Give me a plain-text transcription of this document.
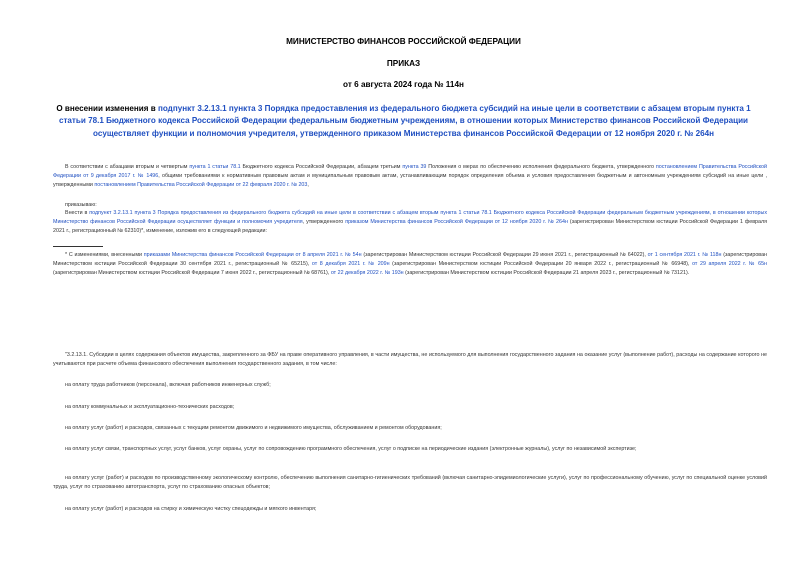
МИНИСТЕРСТВО ФИНАНСОВ РОССИЙСКОЙ ФЕДЕРАЦИИ
ПРИКАЗ
от 6 августа 2024 года № 114н
О внесении изменения в подпункт 3.2.13.1 пункта 3 Порядка предоставления из федерального бюджета субсидий на иные цели в соответствии с абзацем вторым пункта 1 статьи 78.1 Бюджетного кодекса Российской Федерации федеральным бюджетным учреждениям, в отношении которых Министерство финансов Российской Федерации осуществляет функции и полномочия учредителя, утвержденного приказом Министерства финансов Российской Федерации от 12 ноября 2020 г. № 264н
В соответствии с абзацами вторым и четвертым пункта 1 статьи 78.1 Бюджетного кодекса Российской Федерации, абзацем третьим пункта 39 Положения о мерах по обеспечению исполнения федерального бюджета, утвержденного постановлением Правительства Российской Федерации от 9 декабря 2017 г. № 1496, общими требованиями к нормативным правовым актам и муниципальным правовым актам, устанавливающим порядок определения объема и условия предоставления бюджетным и автономным учреждениям субсидий на иные цели , утвержденными постановлением Правительства Российской Федерации от 22 февраля 2020 г. № 203,
приказываю:
Внести в подпункт 3.2.13.1 пункта 3 Порядка предоставления из федерального бюджета субсидий на иные цели в соответствии с абзацем вторым пункта 1 статьи 78.1 Бюджетного кодекса Российской Федерации федеральным бюджетным учреждениям, в отношении которых Министерство финансов Российской Федерации осуществляет функции и полномочия учредителя, утвержденного приказом Министерства финансов Российской Федерации от 12 ноября 2020 г. № 264н (зарегистрирован Министерством юстиции Российской Федерации 1 февраля 2021 г., регистрационный № 62310)*, изменение, изложив его в следующей редакции:
* С изменениями, внесенными приказами Министерства финансов Российской Федерации от 8 апреля 2021 г. № 54н (зарегистрирован Министерством юстиции Российской Федерации 29 июня 2021 г., регистрационный № 64022), от 1 сентября 2021 г. № 118н (зарегистрирован Министерством юстиции Российской Федерации 30 сентября 2021 г., регистрационный № 65215), от 8 декабря 2021 г. № 209н (зарегистрирован Министерством юстиции Российской Федерации 20 января 2022 г., регистрационный № 66948), от 29 апреля 2022 г. № 65н (зарегистрирован Министерством юстиции Российской Федерации 7 июня 2022 г., регистрационный № 68761), от 22 декабря 2022 г. № 193н (зарегистрирован Министерством юстиции Российской Федерации 21 апреля 2023 г., регистрационный № 73121).
"3.2.13.1. Субсидии в целях содержания объектов имущества, закрепленного за ФБУ на праве оперативного управления, в части имущества, не используемого для выполнения государственного задания на оказание услуг (выполнение работ), расходы на содержание которого не учитываются при расчете объема финансового обеспечения выполнения государственного задания, в том числе:
на оплату труда работников (персонала), включая работников инженерных служб;
на оплату коммунальных и эксплуатационно-технических расходов;
на оплату услуг (работ) и расходов, связанных с текущим ремонтом движимого и недвижимого имущества, обслуживанием и ремонтом оборудования;
на оплату услуг связи, транспортных услуг, услуг банков, услуг охраны, услуг по сопровождению программного обеспечения, услуг о подписке на периодические издания (электронные журналы), услуг по независимой экспертизе;
на оплату услуг (работ) и расходов по производственному экологическому контролю, обеспечению выполнения санитарно-гигиенических требований (включая санитарно-эпидемиологические услуги), услуг по профессиональному обучению, услуг по специальной оценке условий труда, услуг по страхованию автотранспорта, услуг по страхованию опасных объектов;
на оплату услуг (работ) и расходов на стирку и химическую чистку спецодежды и мягкого инвентаря;
